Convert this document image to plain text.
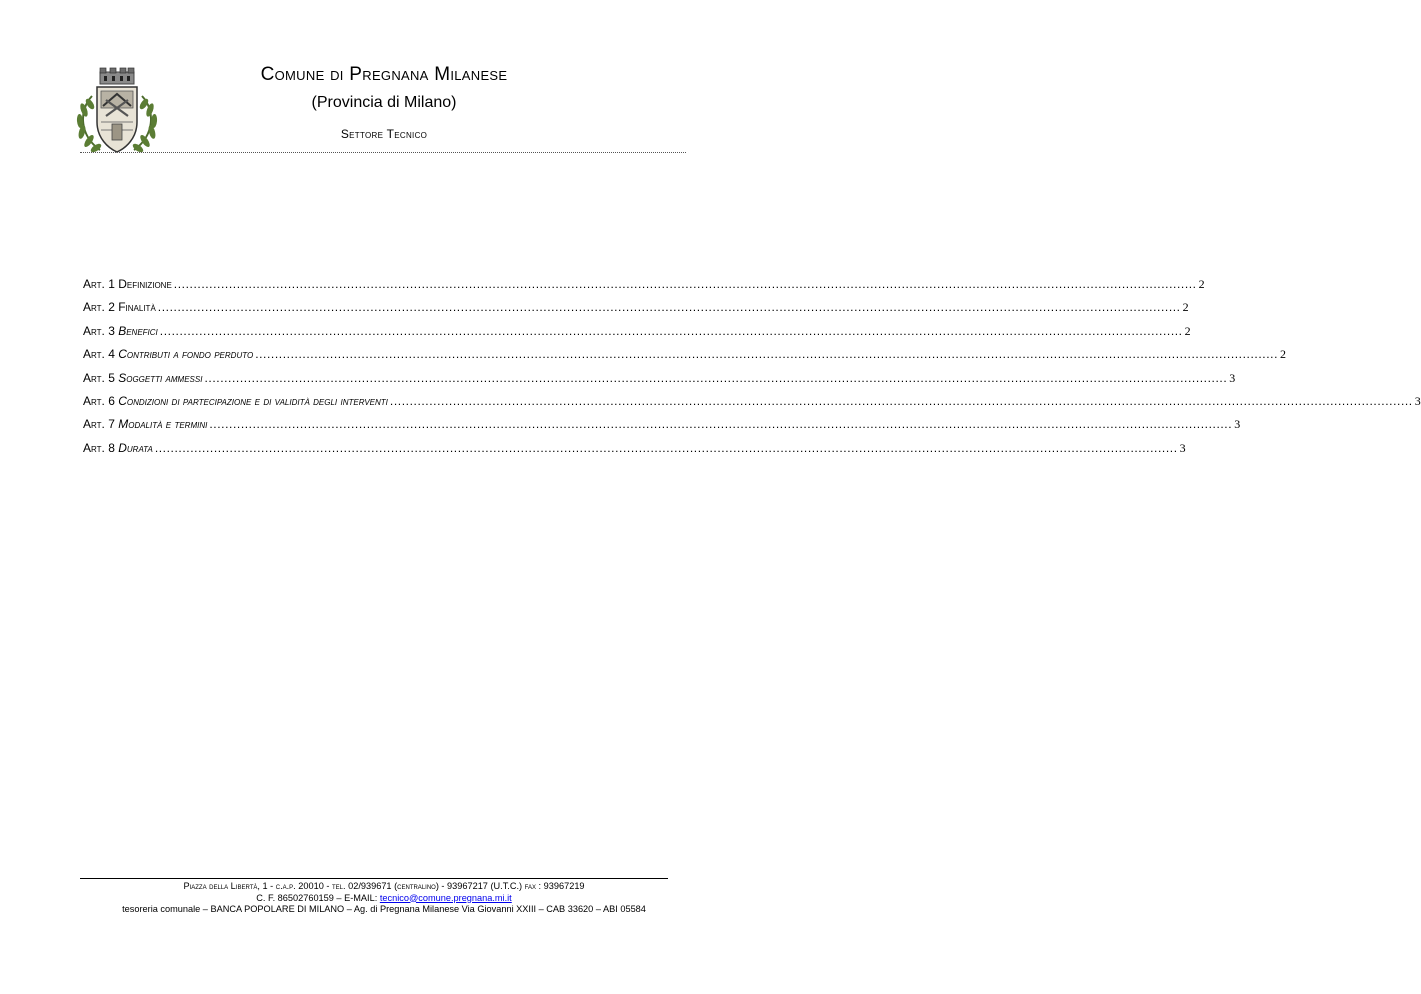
Comune di Pregnana Milanese
(Provincia di Milano)
Settore Tecnico
Art. 1 Definizione .................................................................................................................................................................................................................................................................... 2
Art. 2 Finalità .................................................................................................................................................................................................................................................................... 2
Art. 3 Benefici .................................................................................................................................................................................................................................................................... 2
Art. 4 Contributi a fondo perduto .................................................................................................................................................................................................................................................................... 2
Art. 5 Soggetti ammessi .................................................................................................................................................................................................................................................................... 3
Art. 6 Condizioni di partecipazione e di validità degli interventi .................................................................................................................................................................................................................................................................... 3
Art. 7 Modalità e termini .................................................................................................................................................................................................................................................................... 3
Art. 8 Durata .................................................................................................................................................................................................................................................................... 3
Piazza della Libertà, 1 - c.a.p. 20010 - tel. 02/939671 (centralino) - 93967217 (U.T.C.) fax : 93967219
C. F. 86502760159 – E-MAIL: tecnico@comune.pregnana.mi.it
tesoreria comunale – BANCA POPOLARE DI MILANO – Ag. di Pregnana Milanese Via Giovanni XXIII – CAB 33620 – ABI 05584
